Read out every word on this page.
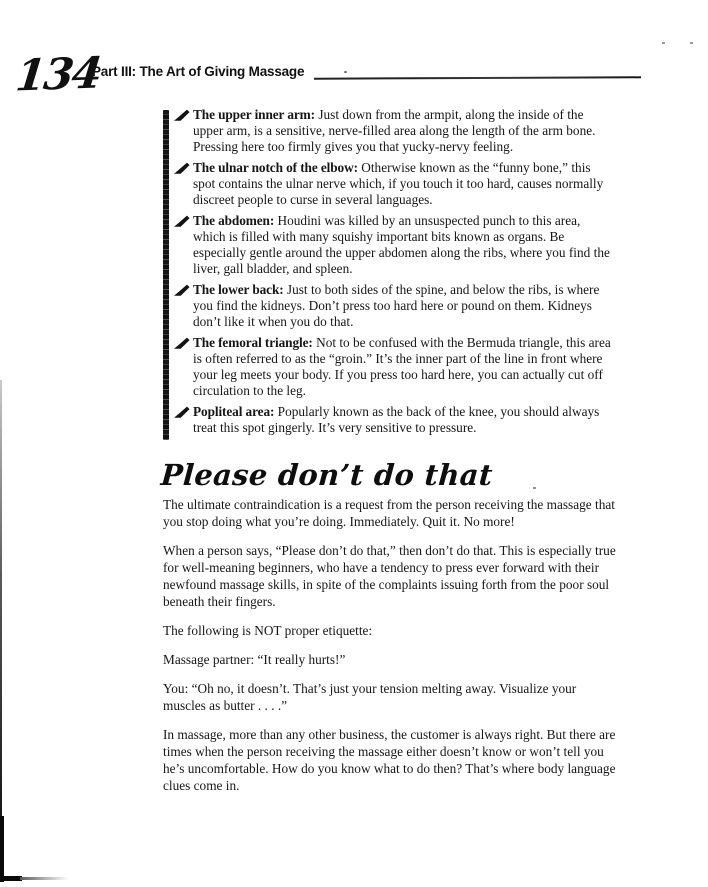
134
Part III: The Art of Giving Massage
The upper inner arm: Just down from the armpit, along the inside of the upper arm, is a sensitive, nerve-filled area along the length of the arm bone. Pressing here too firmly gives you that yucky-nervy feeling.
The ulnar notch of the elbow: Otherwise known as the “funny bone,” this spot contains the ulnar nerve which, if you touch it too hard, causes normally discreet people to curse in several languages.
The abdomen: Houdini was killed by an unsuspected punch to this area, which is filled with many squishy important bits known as organs. Be especially gentle around the upper abdomen along the ribs, where you find the liver, gall bladder, and spleen.
The lower back: Just to both sides of the spine, and below the ribs, is where you find the kidneys. Don’t press too hard here or pound on them. Kidneys don’t like it when you do that.
The femoral triangle: Not to be confused with the Bermuda triangle, this area is often referred to as the “groin.” It’s the inner part of the line in front where your leg meets your body. If you press too hard here, you can actually cut off circulation to the leg.
Popliteal area: Popularly known as the back of the knee, you should always treat this spot gingerly. It’s very sensitive to pressure.
Please don’t do that

The ultimate contraindication is a request from the person receiving the massage that you stop doing what you’re doing. Immediately. Quit it. No more!

When a person says, “Please don’t do that,” then don’t do that. This is especially true for well-meaning beginners, who have a tendency to press ever forward with their newfound massage skills, in spite of the complaints issuing forth from the poor soul beneath their fingers.

The following is NOT proper etiquette:

Massage partner: “It really hurts!”

You: “Oh no, it doesn’t. That’s just your tension melting away. Visualize your muscles as butter . . . .”

In massage, more than any other business, the customer is always right. But there are times when the person receiving the massage either doesn’t know or won’t tell you he’s uncomfortable. How do you know what to do then? That’s where body language clues come in.
